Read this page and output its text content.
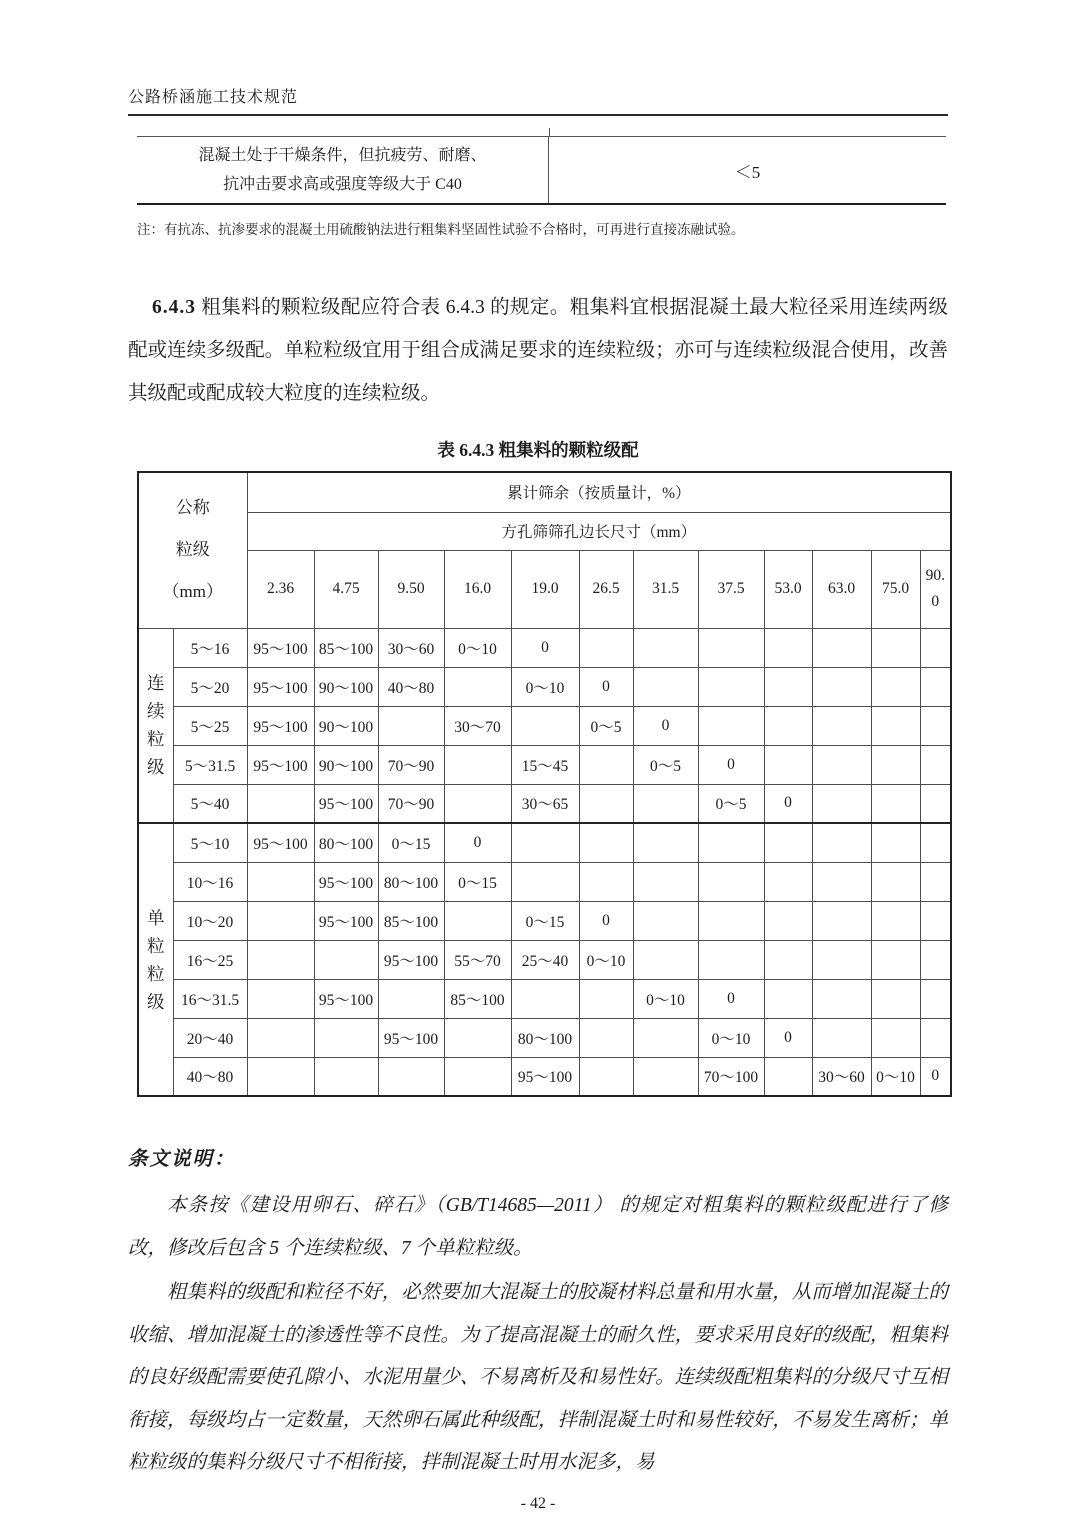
公路桥涵施工技术规范
混凝土处于干燥条件，但抗疲劳、耐磨、
抗冲击要求高或强度等级大于 C40
＜5
注：有抗冻、抗渗要求的混凝土用硫酸钠法进行粗集料坚固性试验不合格时，可再进行直接冻融试验。

6.4.3 粗集料的颗粒级配应符合表 6.4.3 的规定。粗集料宜根据混凝土最大粒径采用连续两级配或连续多级配。单粒粒级宜用于组合成满足要求的连续粒级；亦可与连续粒级混合使用，改善其级配或配成较大粒度的连续粒级。

表 6.4.3 粗集料的颗粒级配
公称
粒级
（mm）		累计筛余（按质量计，%）											
		方孔筛筛孔边长尺寸（mm）											
		2.36	4.75	9.50	16.0	19.0	26.5	31.5	37.5	53.0	63.0	75.0	90.0

连
续
粒
级	5～16	95～100	85～100	30～60	0～10	0							
	5～20	95～100	90～100	40～80		0～10	0						
	5～25	95～100	90～100		30～70		0～5	0					
	5～31.5	95～100	90～100	70～90		15～45		0～5	0				
	5～40		95～100	70～90		30～65			0～5	0			

单
粒
粒
级	5～10	95～100	80～100	0～15	0								
	10～16		95～100	80～100	0～15								
	10～20		95～100	85～100		0～15	0						
	16～25			95～100	55～70	25～40	0～10						
	16～31.5		95～100		85～100			0～10	0				
	20～40			95～100		80～100			0～10	0			
	40～80					95～100			70～100		30～60	0～10	0
条文说明：

本条按《建设用卵石、碎石》（GB/T14685—2011） 的规定对粗集料的颗粒级配进行了修改，修改后包含 5 个连续粒级、7 个单粒粒级。

粗集料的级配和粒径不好，必然要加大混凝土的胶凝材料总量和用水量，从而增加混凝土的收缩、增加混凝土的渗透性等不良性。为了提高混凝土的耐久性，要求采用良好的级配，粗集料的良好级配需要使孔隙小、水泥用量少、不易离析及和易性好。连续级配粗集料的分级尺寸互相衔接，每级均占一定数量，天然卵石属此种级配，拌制混凝土时和易性较好，不易发生离析；单粒粒级的集料分级尺寸不相衔接，拌制混凝土时用水泥多，易

- 42 -
